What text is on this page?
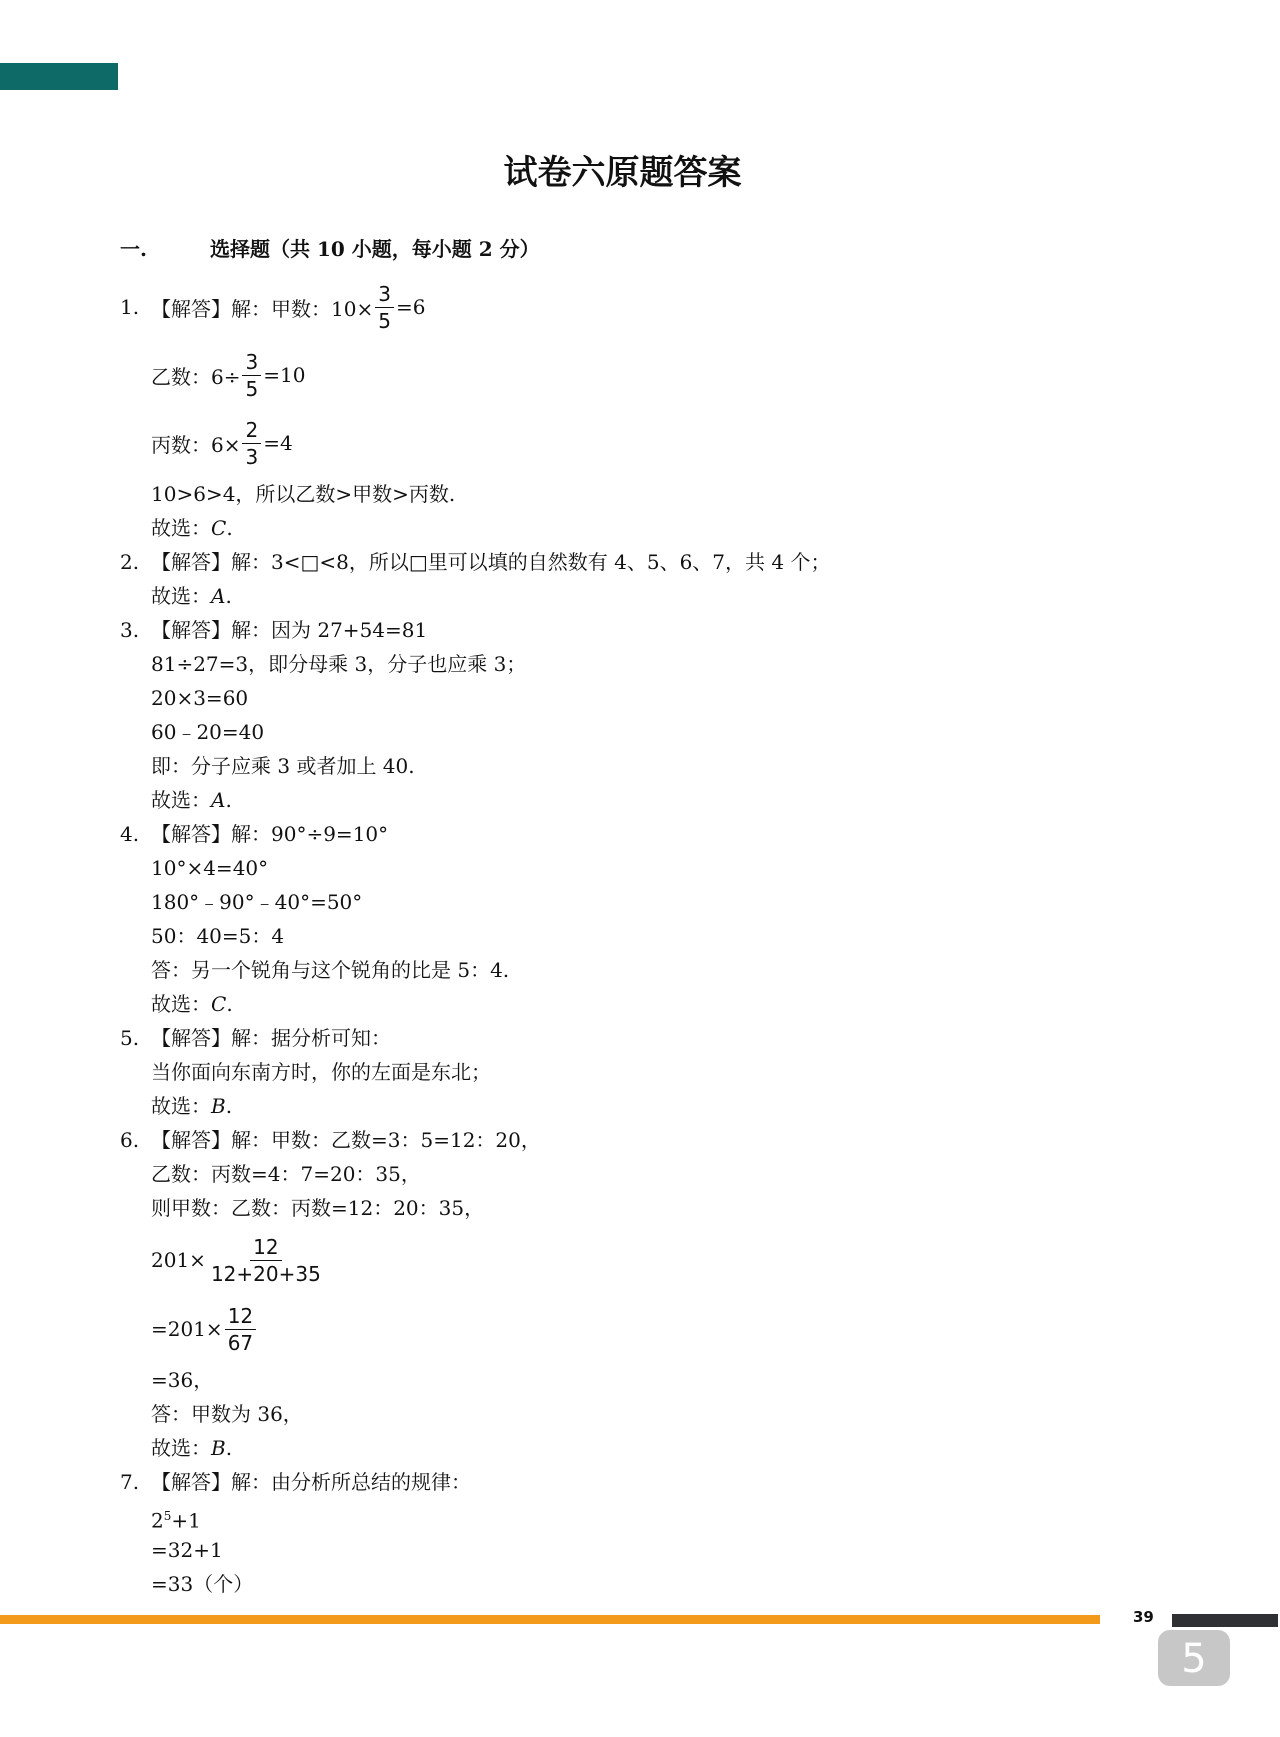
试卷六原题答案
一.	选择题（共 10 小题，每小题 2 分）
1. 【解答】解：甲数：$10\times \frac{3}{5} =6$
乙数：$6\div \frac{3}{5} =10$
丙数：$6\times \frac{2}{3} =4$
10>6>4，所以乙数>甲数>丙数.
故选：C.
2. 【解答】解：3<□<8，所以□里可以填的自然数有 4、5、6、7，共 4 个；
故选：A.
3. 【解答】解：因为 27+54=81
81÷27=3，即分母乘 3，分子也应乘 3；
20×3=60
60﹣20=40
即：分子应乘 3 或者加上 40.
故选：A.
4. 【解答】解：90°÷9=10°
10°×4=40°
180°﹣90°﹣40°=50°
50：40=5：4
答：另一个锐角与这个锐角的比是 5：4.
故选：C.
5. 【解答】解：据分析可知：
当你面向东南方时，你的左面是东北；
故选：B.
6. 【解答】解：甲数：乙数=3：5=12：20，
乙数：丙数=4：7=20：35，
则甲数：乙数：丙数=12：20：35，
$201\times \frac{12}{12+20+35}$
$=201\times \frac{12}{67}$
=36，
答：甲数为 36，
故选：B.
7. 【解答】解：由分析所总结的规律：
$2^5+1$
=32+1
=33（个）
39
5
